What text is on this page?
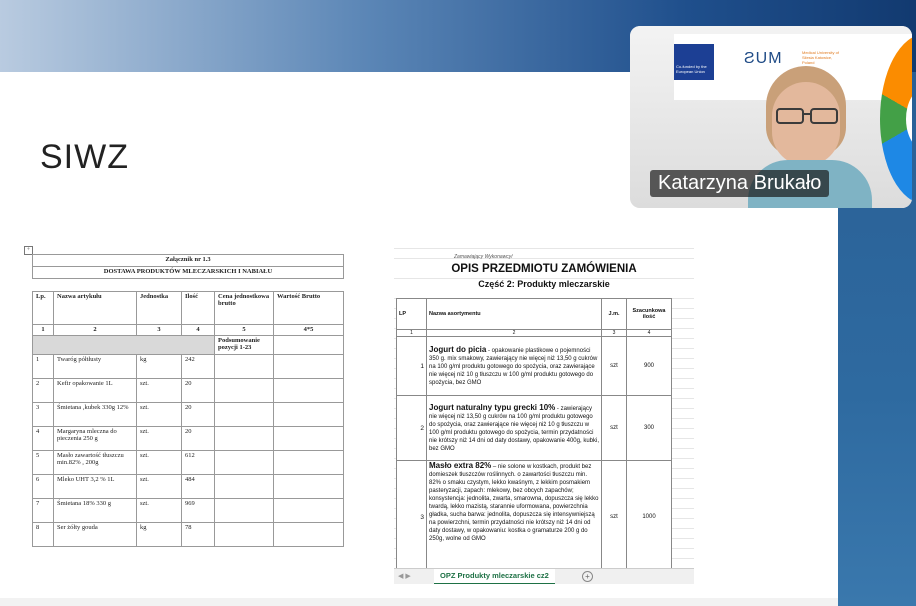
SIWZ
+
Załącznik nr 1.3					
DOSTAWA PRODUKTÓW MLECZARSKICH I NABIAŁU					

Lp.	Nazwa artykułu	Jednostka	Ilość	Cena jednostkowa brutto	Wartość Brutto
1	2	3	4	5	4*5
				Podsumowanie pozycji 1-23	
1	Twaróg półtłusty	kg	242		
2	Kefir opakowanie 1L	szt.	20		
3	Śmietana ,kubek 330g 12%	szt.	20		
4	Margaryna mleczna do pieczenia 250 g	szt.	20		
5	Masło zawartość tłuszczu min.82% , 200g	szt.	612		
6	Mleko UHT 3,2 % 1L	szt.	484		
7	Śmietana 18% 330 g	szt.	969		
8	Ser żółty gouda	kg	78		
Zamawiający Wykonawcy/
OPIS PRZEDMIOTU ZAMÓWIENIA
Część 2: Produkty mleczarskie
LP	Nazwa asortymentu	J.m.	Szacunkowa ilość
1	2	3	4
1	Jogurt do picia - opakowanie plastikowe o pojemności 350 g. mix smakowy, zawierający nie więcej niż 13,50 g cukrów na 100 g/ml produktu gotowego do spożycia, oraz zawierające nie więcej niż 10 g tłuszczu w 100 g/ml produktu gotowego do spożycia, bez GMO	szt	900
2	Jogurt naturalny typu grecki 10% - zawierający nie więcej niż 13,50 g cukrów na 100 g/ml produktu gotowego do spożycia, oraz zawierające nie więcej niż 10 g tłuszczu w 100 g/ml produktu gotowego do spożycia, termin przydatności nie krótszy niż 14 dni od daty dostawy, opakowanie 400g, kubki, bez GMO	szt	300
3	Masło extra 82% – nie solone w kostkach, produkt bez domieszek tłuszczów roślinnych. o zawartości tłuszczu min. 82% o smaku czystym, lekko kwaśnym, z lekkim posmakiem pasteryzacji, zapach: mlekowy, bez obcych zapachów; konsystencja: jednolita, zwarta, smarowna, dopuszcza się lekko twardą, lekko mazistą, starannie uformowana, powierzchnia gładka, sucha barwa: jednolita, dopuszcza się intensywniejszą na powierzchni, termin przydatności nie krótszy niż 14 dni od daty dostawy, w opakowaniu: kostka o gramaturze 200 g do 250g, wolne od GMO	szt	1000
◀ ▶	OPZ Produkty mleczarskie cz2	+
Co-funded by the European Union
ƧUM	Medical University of Silesia Katowice, Poland
Katarzyna Brukało
